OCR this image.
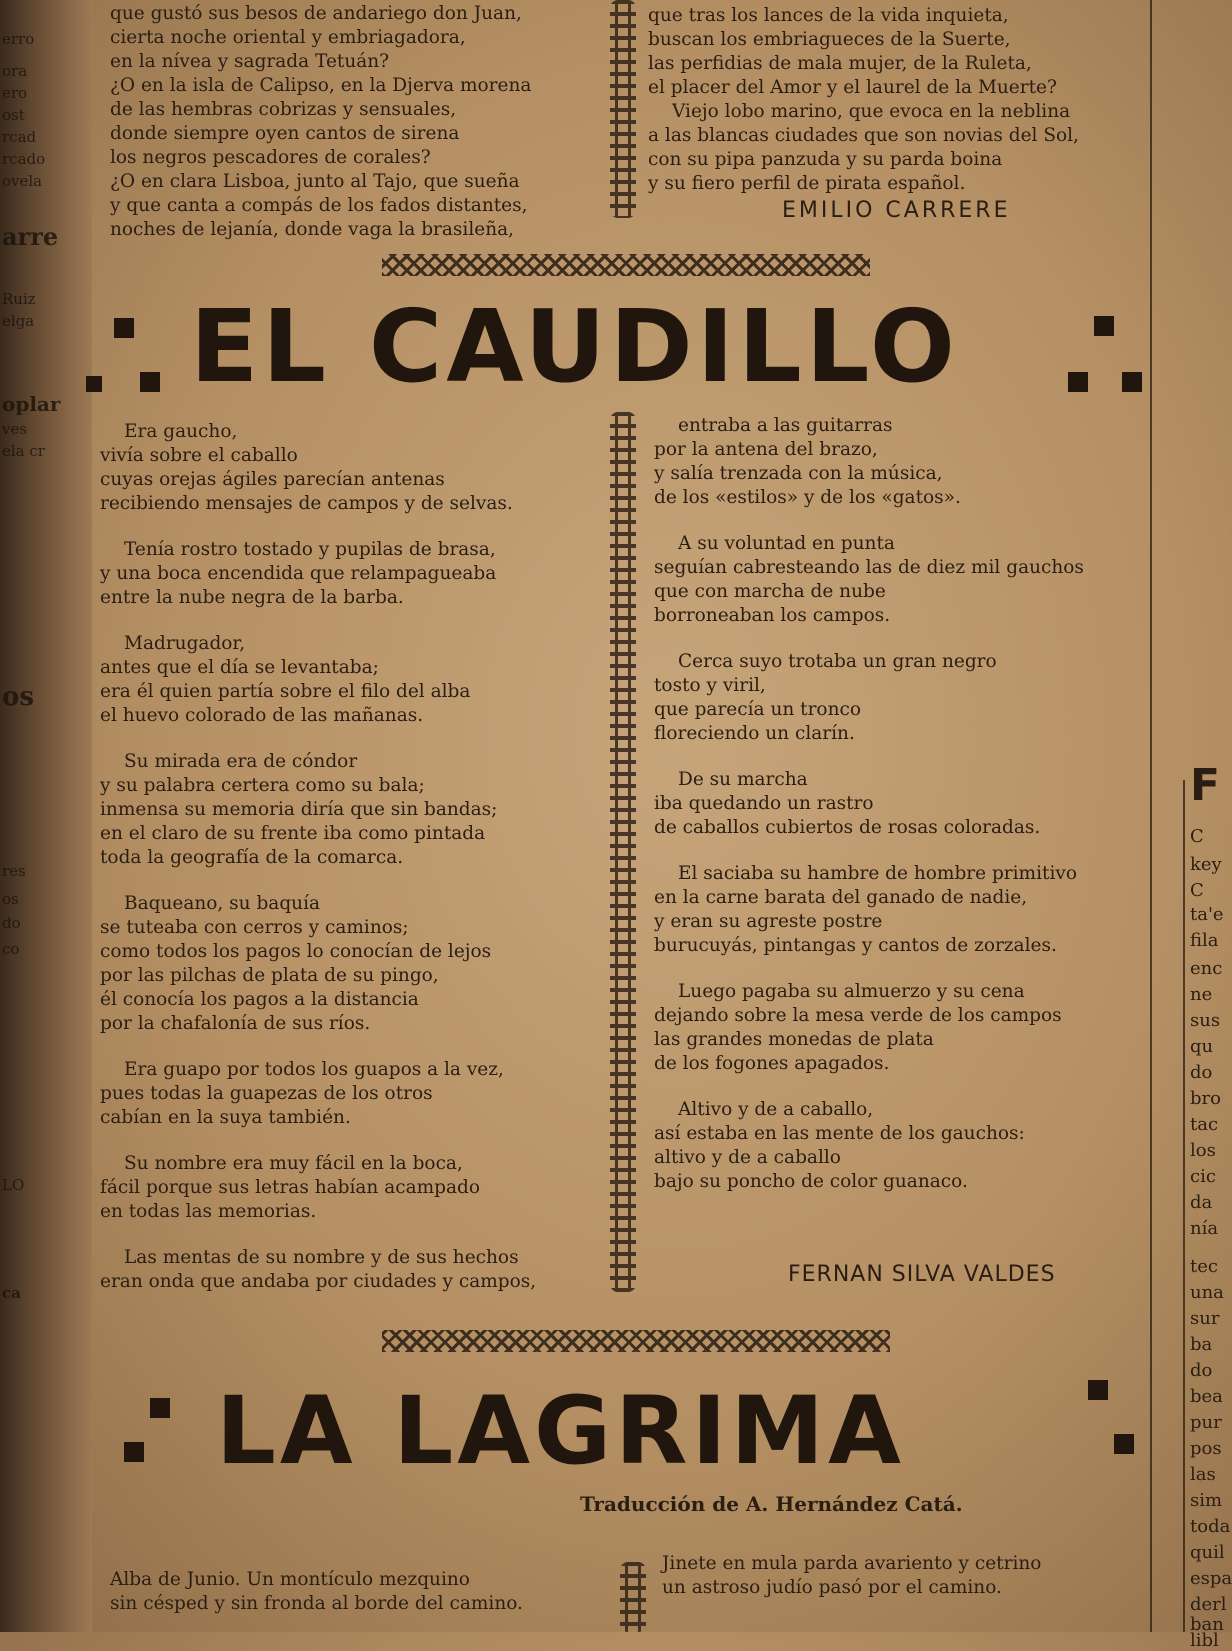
erro
ora
ero
ost
rcad
rcado
ovela
arre
Ruiz
elga
oplar
ves
ela cr
os
res
os
do
co
LO
ca
que gustó sus besos de andariego don Juan,
cierta noche oriental y embriagadora,
en la nívea y sagrada Tetuán?
¿O en la isla de Calipso, en la Djerva morena
de las hembras cobrizas y sensuales,
donde siempre oyen cantos de sirena
los negros pescadores de corales?
¿O en clara Lisboa, junto al Tajo, que sueña
y que canta a compás de los fados distantes,
noches de lejanía, donde vaga la brasileña,
que tras los lances de la vida inquieta,
buscan los embriagueces de la Suerte,
las perfidias de mala mujer, de la Ruleta,
el placer del Amor y el laurel de la Muerte?
Viejo lobo marino, que evoca en la neblina
a las blancas ciudades que son novias del Sol,
con su pipa panzuda y su parda boina
y su fiero perfil de pirata español.
EMILIO CARRERE
EL CAUDILLO
Era gaucho,
vivía sobre el caballo
cuyas orejas ágiles parecían antenas
recibiendo mensajes de campos y de selvas.
Tenía rostro tostado y pupilas de brasa,
y una boca encendida que relampagueaba
entre la nube negra de la barba.
Madrugador,
antes que el día se levantaba;
era él quien partía sobre el filo del alba
el huevo colorado de las mañanas.
Su mirada era de cóndor
y su palabra certera como su bala;
inmensa su memoria diría que sin bandas;
en el claro de su frente iba como pintada
toda la geografía de la comarca.
Baqueano, su baquía
se tuteaba con cerros y caminos;
como todos los pagos lo conocían de lejos
por las pilchas de plata de su pingo,
él conocía los pagos a la distancia
por la chafalonía de sus ríos.
Era guapo por todos los guapos a la vez,
pues todas la guapezas de los otros
cabían en la suya también.
Su nombre era muy fácil en la boca,
fácil porque sus letras habían acampado
en todas las memorias.
Las mentas de su nombre y de sus hechos
eran onda que andaba por ciudades y campos,
entraba a las guitarras
por la antena del brazo,
y salía trenzada con la música,
de los «estilos» y de los «gatos».
A su voluntad en punta
seguían cabresteando las de diez mil gauchos
que con marcha de nube
borroneaban los campos.
Cerca suyo trotaba un gran negro
tosto y viril,
que parecía un tronco
floreciendo un clarín.
De su marcha
iba quedando un rastro
de caballos cubiertos de rosas coloradas.
El saciaba su hambre de hombre primitivo
en la carne barata del ganado de nadie,
y eran su agreste postre
burucuyás, pintangas y cantos de zorzales.
Luego pagaba su almuerzo y su cena
dejando sobre la mesa verde de los campos
las grandes monedas de plata
de los fogones apagados.
Altivo y de a caballo,
así estaba en las mente de los gauchos:
altivo y de a caballo
bajo su poncho de color guanaco.
FERNAN SILVA VALDES
LA LAGRIMA
Traducción de A. Hernández Catá.
Alba de Junio. Un montículo mezquino
sin césped y sin fronda al borde del camino.
Jinete en mula parda avariento y cetrino
un astroso judío pasó por el camino.
F
C
key
C
ta'e
fila
enc
ne
sus
qu
do
bro
tac
los
cic
da
nía
tec
una
sur
ba
do
bea
pur
pos
las
sim
toda
quil
espa
derl
ban
libl
